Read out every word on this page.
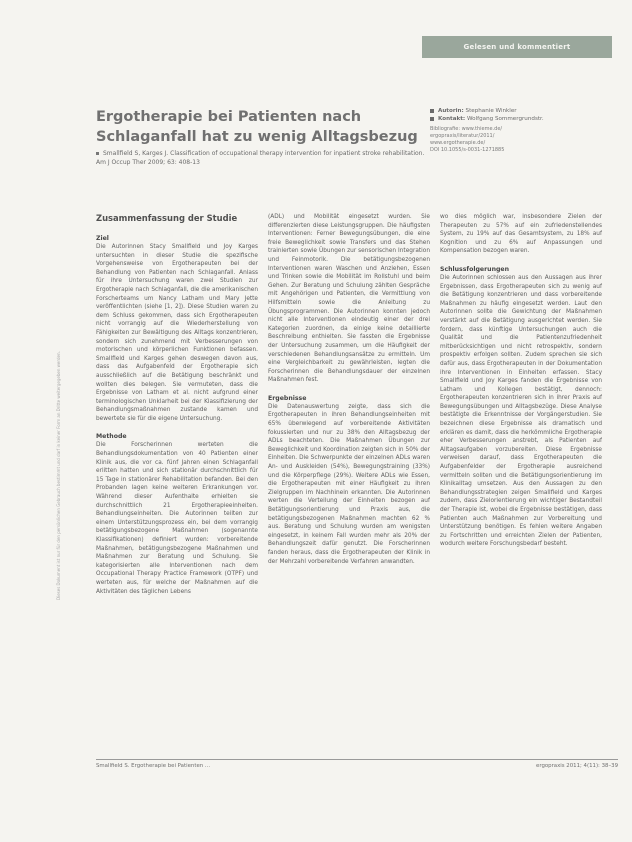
Gelesen und kommentiert
Dieses Dokument ist nur für den persönlichen Gebrauch bestimmt und darf in keiner Form an Dritte weitergegeben werden.
Ergotherapie bei Patienten nach Schlaganfall hat zu wenig Alltagsbezug
Autorin: Stephanie Winkler
Kontakt: Wolfgang Sommergrundstr.
Bibliografie: www.thieme.de/
ergopraxis/literatur/2011/
www.ergotherapie.de/
DOI 10.1055/s-0031-1271885
Smallfield S, Karges J. Classification of occupational therapy intervention for inpatient stroke rehabilitation. Am J Occup Ther 2009; 63: 408-13
Zusammenfassung der Studie
Ziel

Die Autorinnen Stacy Smallfield und Joy Karges untersuchten in dieser Studie die spezifische Vorgehensweise von Ergotherapeuten bei der Behandlung von Patienten nach Schlaganfall. Anlass für ihre Untersuchung waren zwei Studien zur Ergotherapie nach Schlaganfall, die die amerikanischen Forscherteams um Nancy Latham und Mary Jette veröffentlichten (siehe [1, 2]). Diese Studien waren zu dem Schluss gekommen, dass sich Ergotherapeuten nicht vorrangig auf die Wiederherstellung von Fähigkeiten zur Bewältigung des Alltags konzentrieren, sondern sich zunehmend mit Verbesserungen von motorischen und körperlichen Funktionen befassen. Smallfield und Karges gehen deswegen davon aus, dass das Aufgabenfeld der Ergotherapie sich ausschließlich auf die Betätigung beschränkt und wollten dies belegen. Sie vermuteten, dass die Ergebnisse von Latham et al. nicht aufgrund einer terminologischen Unklarheit bei der Klassifizierung der Behandlungsmaßnahmen zustande kamen und bewertete sie für die eigene Untersuchung.

Methode

Die Forscherinnen werteten die Behandlungsdokumentation von 40 Patienten einer Klinik aus, die vor ca. fünf Jahren einen Schlaganfall erlitten hatten und sich stationär durchschnittlich für 15 Tage in stationärer Rehabilitation befanden. Bei den Probanden lagen keine weiteren Erkrankungen vor. Während dieser Aufenthalte erhielten sie durchschnittlich 21 Ergotherapieeinheiten. Behandlungseinheiten. Die Autorinnen teilten zur einem Unterstützungsprozess ein, bei dem vorrangig betätigungsbezogene Maßnahmen (sogenannte Klassifikationen) definiert wurden: vorbereitende Maßnahmen, betätigungsbezogene Maßnahmen und Maßnahmen zur Beratung und Schulung. Sie kategorisierten alle Interventionen nach dem Occupational Therapy Practice Framework (OTPF) und werteten aus, für welche der Maßnahmen auf die Aktivitäten des täglichen Lebens

(ADL) und Mobilität eingesetzt wurden. Sie differenzierten diese Leistungsgruppen. Die häufigsten Interventionen: Ferner Bewegungsübungen, die eine freie Beweglichkeit sowie Transfers und das Stehen trainierten sowie Übungen zur sensorischen Integration und Feinmotorik. Die betätigungsbezogenen Interventionen waren Waschen und Anziehen, Essen und Trinken sowie die Mobilität im Rollstuhl und beim Gehen. Zur Beratung und Schulung zählten Gespräche mit Angehörigen und Patienten, die Vermittlung von Hilfsmitteln sowie die Anleitung zu Übungsprogrammen. Die Autorinnen konnten jedoch nicht alle Interventionen eindeutig einer der drei Kategorien zuordnen, da einige keine detaillierte Beschreibung enthielten. Sie fassten die Ergebnisse der Untersuchung zusammen, um die Häufigkeit der verschiedenen Behandlungsansätze zu ermitteln. Um eine Vergleichbarkeit zu gewährleisten, legten die Forscherinnen die Behandlungsdauer der einzelnen Maßnahmen fest.

Ergebnisse

Die Datenauswertung zeigte, dass sich die Ergotherapeuten in ihren Behandlungseinheiten mit 65% überwiegend auf vorbereitende Aktivitäten fokussierten und nur zu 38% den Alltagsbezug der ADLs beachteten. Die Maßnahmen Übungen zur Beweglichkeit und Koordination zeigten sich in 50% der Einheiten. Die Schwerpunkte der einzelnen ADLs waren An- und Auskleiden (54%), Bewegungstraining (33%) und die Körperpflege (29%). Weitere ADLs wie Essen, die Ergotherapeuten mit einer Häufigkeit zu ihren Zielgruppen im Nachhinein erkannten. Die Autorinnen werten die Verteilung der Einheiten bezogen auf Betätigungsorientierung und Praxis aus, die betätigungsbezogenen Maßnahmen machten 62 % aus. Beratung und Schulung wurden am wenigsten eingesetzt, in keinem Fall wurden mehr als 20% der Behandlungszeit dafür genutzt. Die Forscherinnen fanden heraus, dass die Ergotherapeuten der Klinik in der Mehrzahl vorbereitende Verfahren anwandten.

wo dies möglich war, insbesondere Zielen der Therapeuten zu 57% auf ein zufriedenstellendes System, zu 19% auf das Gesamtsystem, zu 18% auf Kognition und zu 6% auf Anpassungen und Kompensation bezogen waren.

Schlussfolgerungen

Die Autorinnen schlossen aus den Aussagen aus ihrer Ergebnissen, dass Ergotherapeuten sich zu wenig auf die Betätigung konzentrieren und dass vorbereitende Maßnahmen zu häufig eingesetzt werden. Laut den Autorinnen sollte die Gewichtung der Maßnahmen verstärkt auf die Betätigung ausgerichtet werden. Sie fordern, dass künftige Untersuchungen auch die Qualität und die Patientenzufriedenheit mitberücksichtigen und nicht retrospektiv, sondern prospektiv erfolgen sollten. Zudem sprechen sie sich dafür aus, dass Ergotherapeuten in der Dokumentation ihre Interventionen in Einheiten erfassen. Stacy Smallfield und Joy Karges fanden die Ergebnisse von Latham und Kollegen bestätigt, dennoch: Ergotherapeuten konzentrieren sich in ihrer Praxis auf Bewegungsübungen und Alltagsbezüge. Diese Analyse bestätigte die Erkenntnisse der Vorgängerstudien. Sie bezeichnen diese Ergebnisse als dramatisch und erklären es damit, dass die herkömmliche Ergotherapie eher Verbesserungen anstrebt, als Patienten auf Alltagsaufgaben vorzubereiten. Diese Ergebnisse verweisen darauf, dass Ergotherapeuten die Aufgabenfelder der Ergotherapie ausreichend vermitteln sollten und die Betätigungsorientierung im Klinikalltag umsetzen. Aus den Aussagen zu den Behandlungsstrategien zeigen Smallfield und Karges zudem, dass Zielorientierung ein wichtiger Bestandteil der Therapie ist, wobei die Ergebnisse bestätigen, dass Patienten auch Maßnahmen zur Vorbereitung und Unterstützung benötigen. Es fehlen weitere Angaben zu Fortschritten und erreichten Zielen der Patienten, wodurch weitere Forschungsbedarf besteht.

Smallfield S. Ergotherapie bei Patienten ...	ergopraxis 2011; 4(11): 38–39
